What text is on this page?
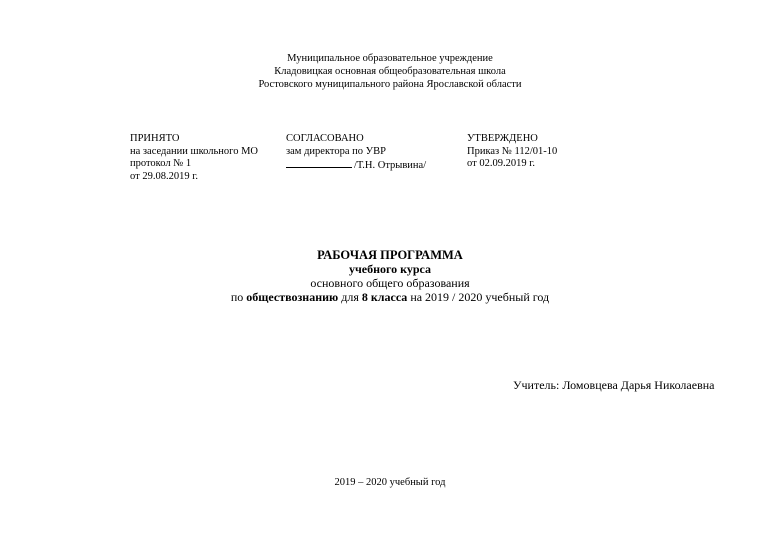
Муниципальное образовательное учреждение
Кладовицкая основная общеобразовательная школа
Ростовского муниципального района Ярославской области
ПРИНЯТО
на заседании школьного МО
протокол № 1
от 29.08.2019 г.
СОГЛАСОВАНО
зам директора по УВР
/Т.Н. Отрывина/
УТВЕРЖДЕНО
Приказ № 112/01-10
от 02.09.2019 г.
РАБОЧАЯ ПРОГРАММА
учебного курса
основного общего образования
по обществознанию для 8 класса на 2019 / 2020 учебный год
Учитель: Ломовцева Дарья Николаевна
2019 – 2020 учебный год
